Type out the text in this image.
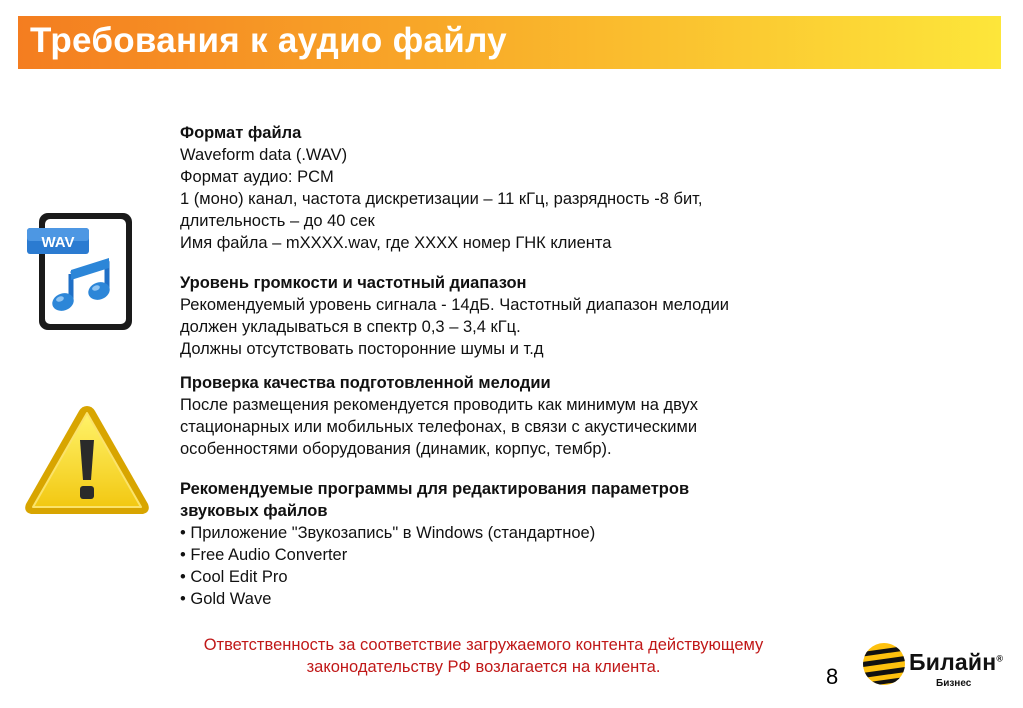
Требования к аудио файлу
WAV
Формат файла
Waveform data (.WAV)
Формат аудио: PCM
1 (моно) канал, частота дискретизации – 11 кГц, разрядность -8 бит,
длительность – до 40 сек
Имя файла – mXXXX.wav, где XXXX номер ГНК клиента
Уровень громкости и частотный диапазон
Рекомендуемый уровень сигнала - 14дБ. Частотный диапазон мелодии
должен укладываться в спектр 0,3 – 3,4 кГц.
Должны отсутствовать посторонние шумы и т.д
Проверка качества подготовленной мелодии
После размещения рекомендуется проводить как минимум на двух
стационарных или мобильных телефонах, в связи с акустическими
особенностями оборудования (динамик, корпус, тембр).
Рекомендуемые программы для редактирования параметров
звуковых файлов
• Приложение "Звукозапись" в Windows (стандартное)
• Free Audio Converter
• Cool Edit Pro
• Gold Wave
Ответственность за соответствие загружаемого контента действующему
законодательству РФ возлагается на клиента.	8
Билайн®
Бизнес
